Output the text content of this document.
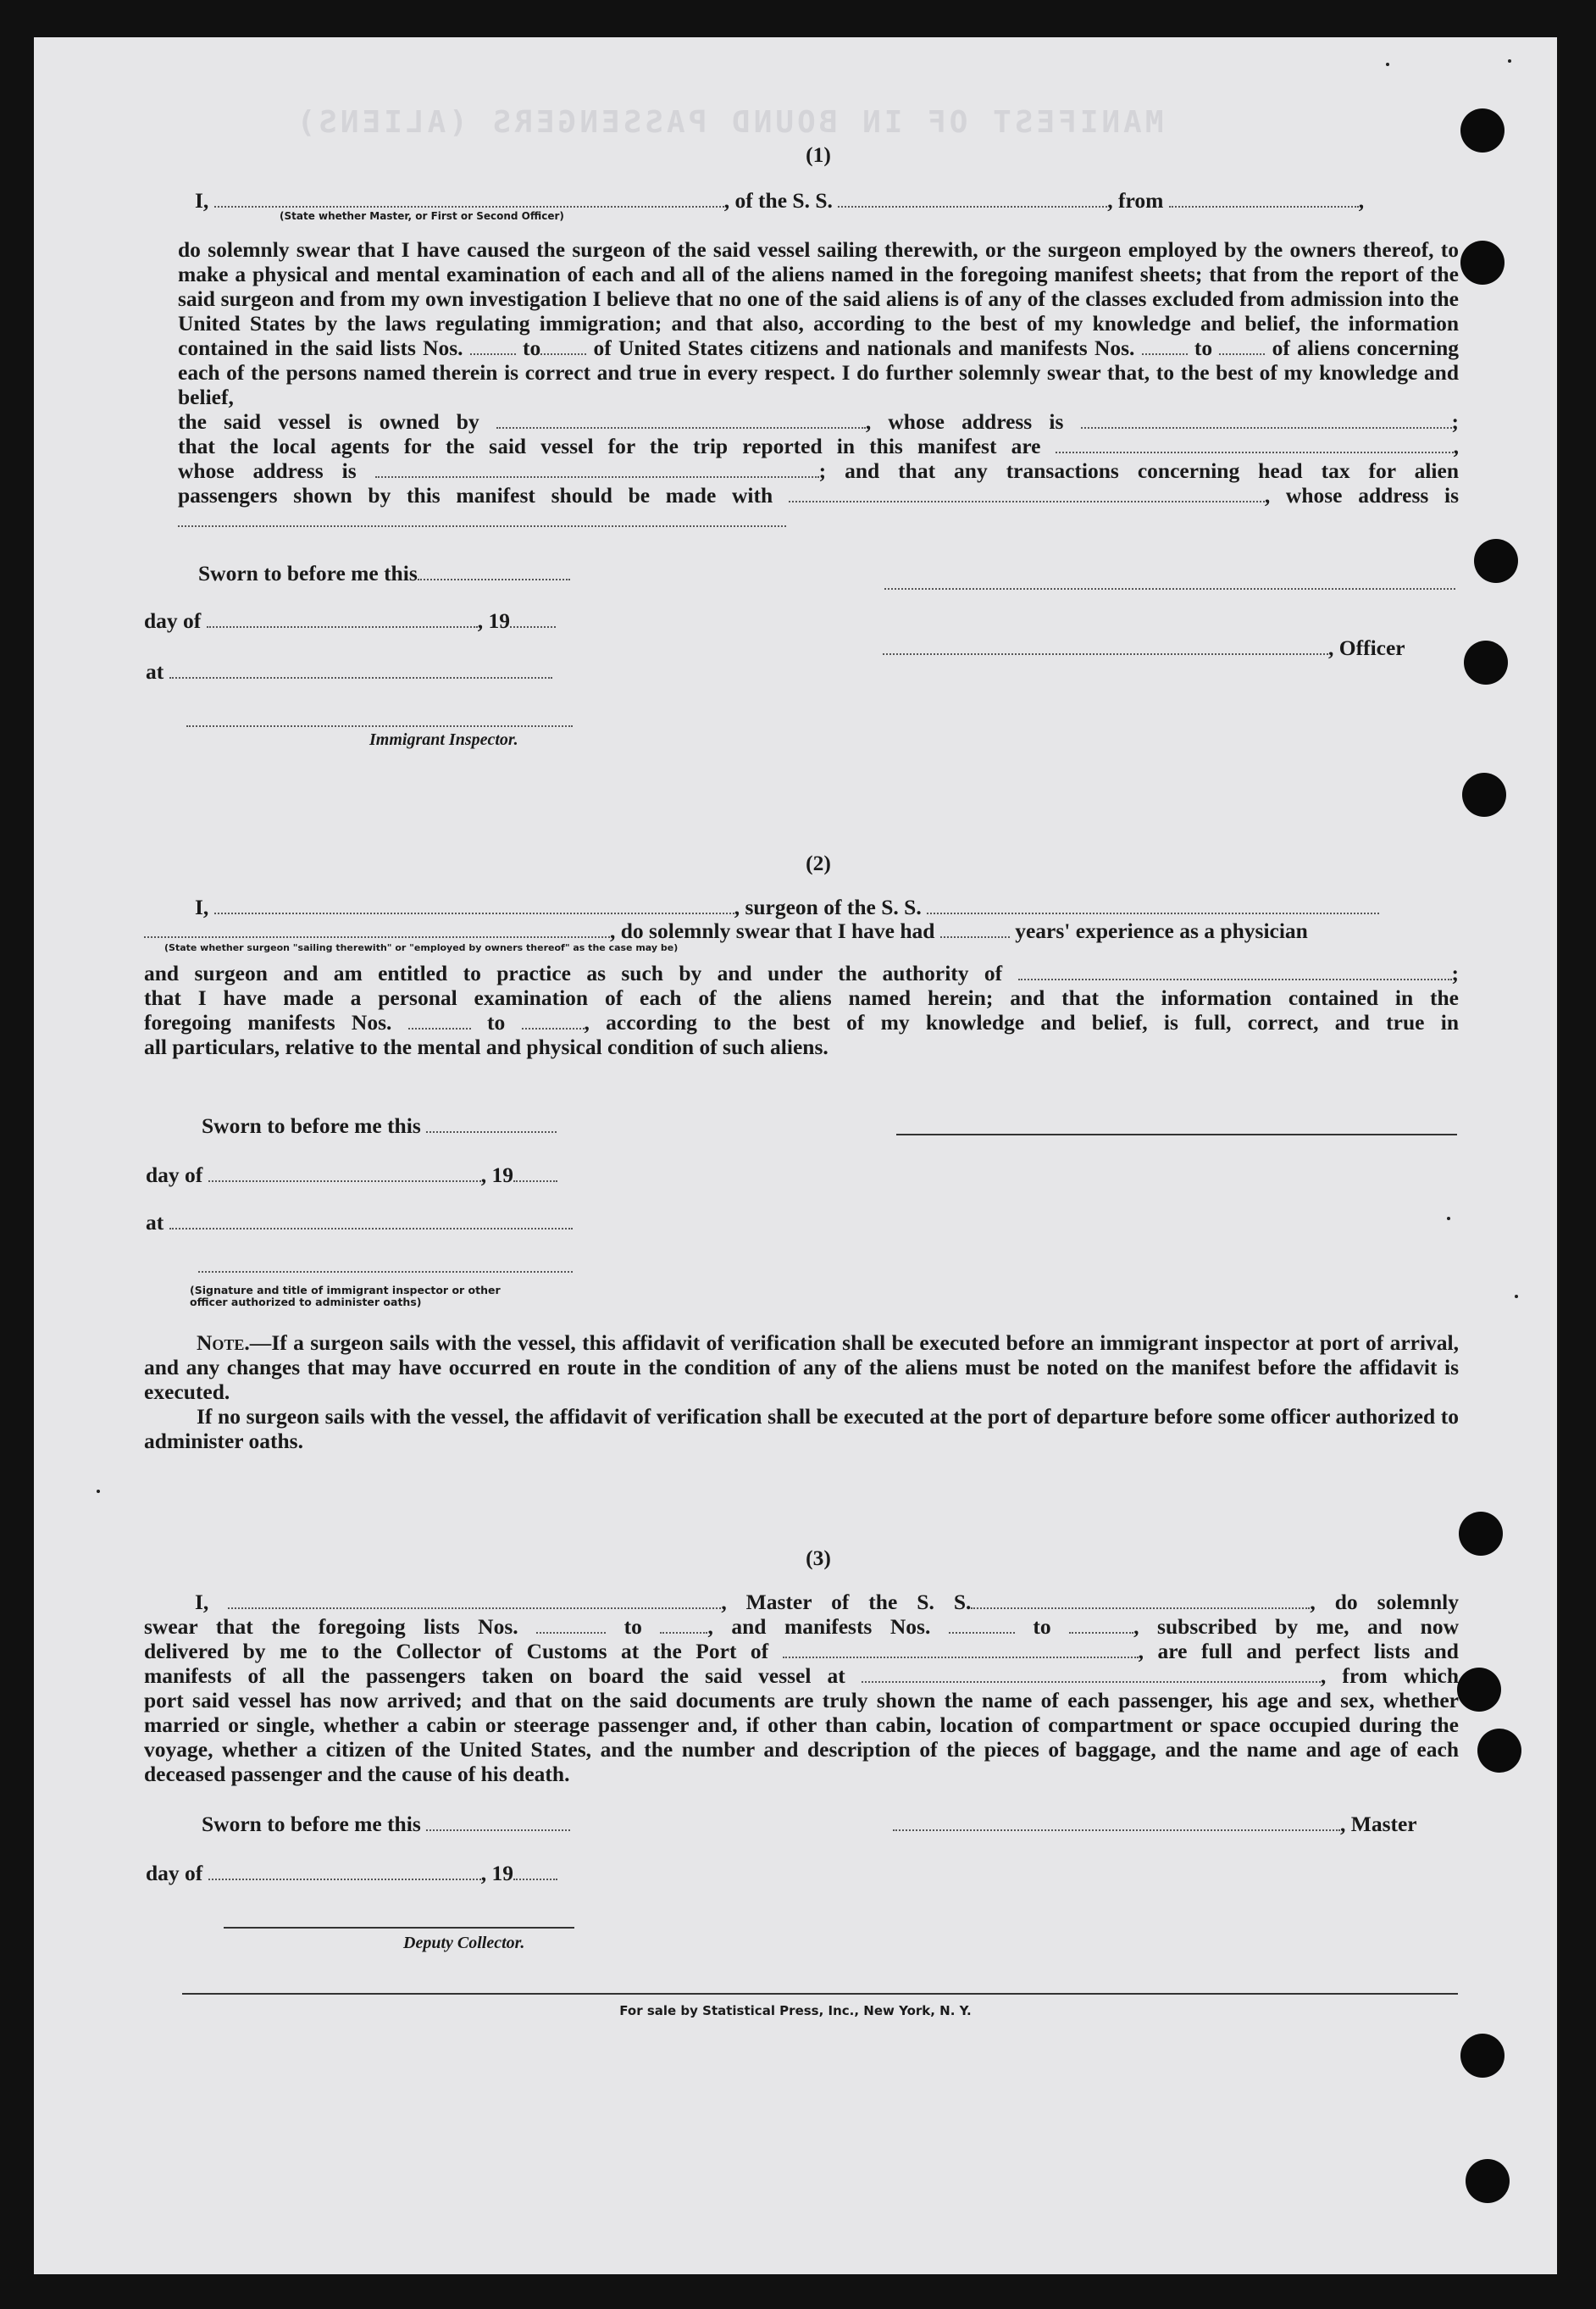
MANIFEST OF IN BOUND PASSENGERS (ALIENS)
(1)
I,	, of the S. S.	, from	,
(State whether Master, or First or Second Officer)
do solemnly swear that I have caused the surgeon of the said vessel sailing therewith, or the surgeon employed by the owners thereof, to make a physical and mental examination of each and all of the aliens named in the foregoing manifest sheets; that from the report of the said surgeon and from my own investigation I believe that no one of the said aliens is of any of the classes excluded from admission into the United States by the laws regulating immigration; and that also, according to the best of my knowledge and belief, the information contained in the said lists Nos.	to of United States citizens and nationals and manifests Nos.	to	of aliens concerning each of the persons named therein is correct and true in every respect. I do further solemnly swear that, to the best of my knowledge and belief,
the said vessel is owned by	, whose address is	;
that the local agents for the said vessel for the trip reported in this manifest are	,
whose address is	; and that any transactions concerning head tax for alien
passengers shown by this manifest should be made with	, whose address is
Sworn to before me this
day of	, 19
, Officer
at
Immigrant Inspector.
(2)
I,	, surgeon of the S. S.
, do solemnly swear that I have had	years' experience as a physician
(State whether surgeon "sailing therewith" or "employed by owners thereof" as the case may be)
and surgeon and am entitled to practice as such by and under the authority of	;
that I have made a personal examination of each of the aliens named herein; and that the information contained in the
foregoing manifests Nos.	to	, according to the best of my knowledge and belief, is full, correct, and true in
all particulars, relative to the mental and physical condition of such aliens.
Sworn to before me this
day of	, 19
at
(Signature and title of immigrant inspector or other officer authorized to administer oaths)
Note.—If a surgeon sails with the vessel, this affidavit of verification shall be executed before an immigrant inspector at port of arrival, and any changes that may have occurred en route in the condition of any of the aliens must be noted on the manifest before the affidavit is executed.
If no surgeon sails with the vessel, the affidavit of verification shall be executed at the port of departure before some officer authorized to administer oaths.
(3)
I,	, Master of the S. S.	, do solemnly
swear that the foregoing lists Nos.	to	, and manifests Nos.	to	, subscribed by me, and now
delivered by me to the Collector of Customs at the Port of	, are full and perfect lists and
manifests of all the passengers taken on board the said vessel at	, from which
port said vessel has now arrived; and that on the said documents are truly shown the name of each passenger, his age and sex, whether married or single, whether a cabin or steerage passenger and, if other than cabin, location of compartment or space occupied during the voyage, whether a citizen of the United States, and the number and description of the pieces of baggage, and the name and age of each deceased passenger and the cause of his death.
Sworn to before me this	, Master
day of	, 19
Deputy Collector.
For sale by Statistical Press, Inc., New York, N. Y.
